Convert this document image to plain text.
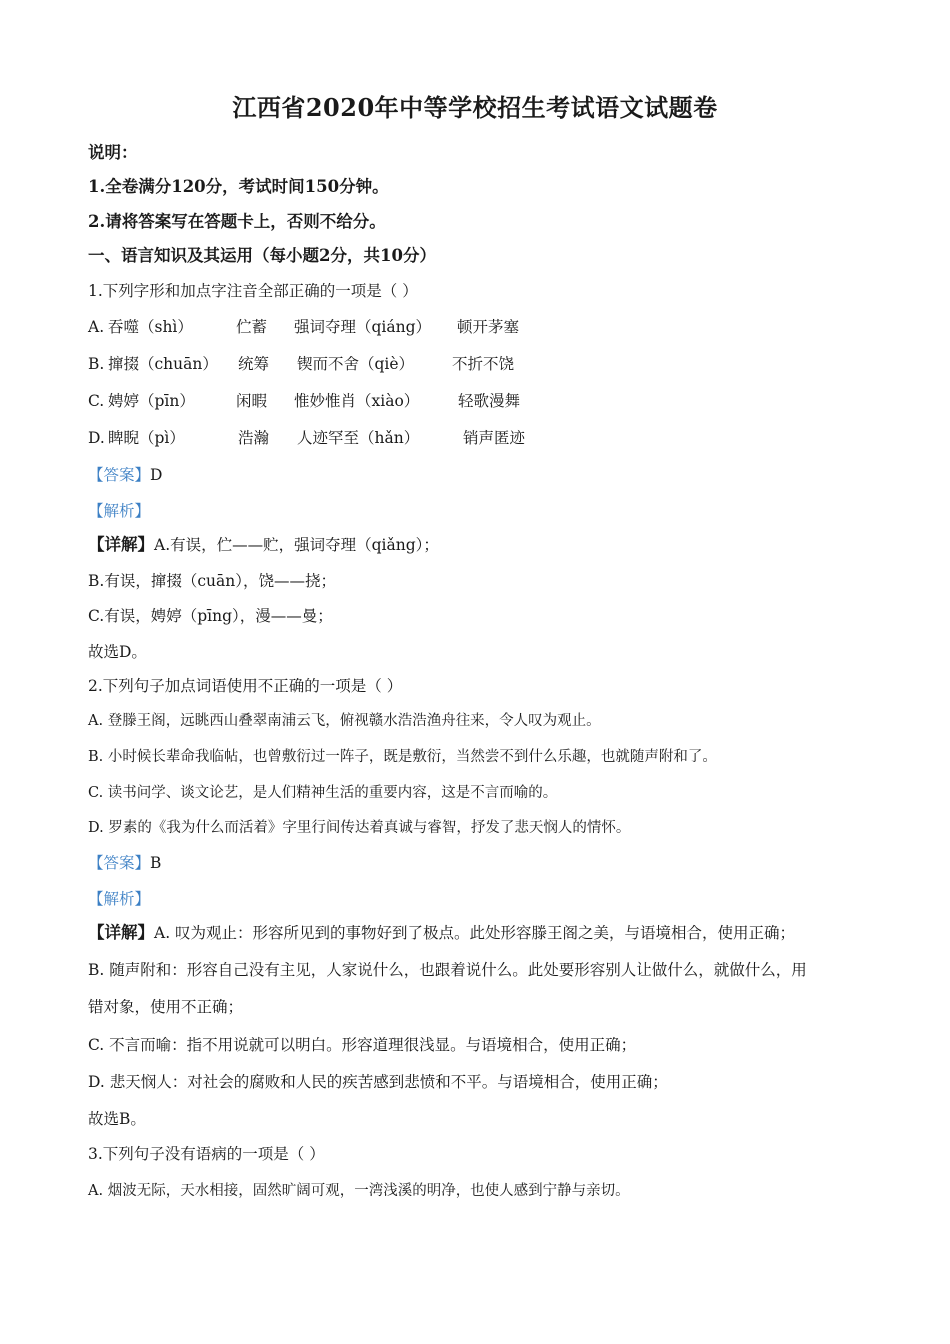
江西省2020年中等学校招生考试语文试题卷
说明：
1.全卷满分120分，考试时间150分钟。
2.请将答案写在答题卡上，否则不给分。
一、语言知识及其运用（每小题2分，共10分）
1.下列字形和加点字注音全部正确的一项是（ ）
A. 吞噬（shì）	伫蓄 强词夺理（qiáng） 顿开茅塞
B. 撺掇（chuān） 统筹 锲而不舍（qiè） 不折不饶
C. 娉婷（pīn）	闲暇 惟妙惟肖（xiào） 轻歌漫舞
D. 睥睨（pì）	浩瀚 人迹罕至（hǎn）	销声匿迹
【答案】D
【解析】
【详解】A.有误，伫——贮，强词夺理（qiǎng）；
B.有误，撺掇（cuān），饶——挠；
C.有误，娉婷（pīng），漫——曼；
故选D。
2.下列句子加点词语使用不正确的一项是（ ）
A. 登滕王阁，远眺西山叠翠南浦云飞，俯视赣水浩浩渔舟往来，令人叹为观止。
B. 小时候长辈命我临帖，也曾敷衍过一阵子，既是敷衍，当然尝不到什么乐趣，也就随声附和了。
C. 读书问学、谈文论艺，是人们精神生活的重要内容，这是不言而喻的。
D. 罗素的《我为什么而活着》字里行间传达着真诚与睿智，抒发了悲天悯人的情怀。
【答案】B
【解析】
【详解】A. 叹为观止：形容所见到的事物好到了极点。此处形容滕王阁之美，与语境相合，使用正确；
B. 随声附和：形容自己没有主见，人家说什么，也跟着说什么。此处要形容别人让做什么，就做什么，用
错对象，使用不正确；
C. 不言而喻：指不用说就可以明白。形容道理很浅显。与语境相合，使用正确；
D. 悲天悯人：对社会的腐败和人民的疾苦感到悲愤和不平。与语境相合，使用正确；
故选B。
3.下列句子没有语病的一项是（ ）
A. 烟波无际，天水相接，固然旷阔可观，一湾浅溪的明净，也使人感到宁静与亲切。
